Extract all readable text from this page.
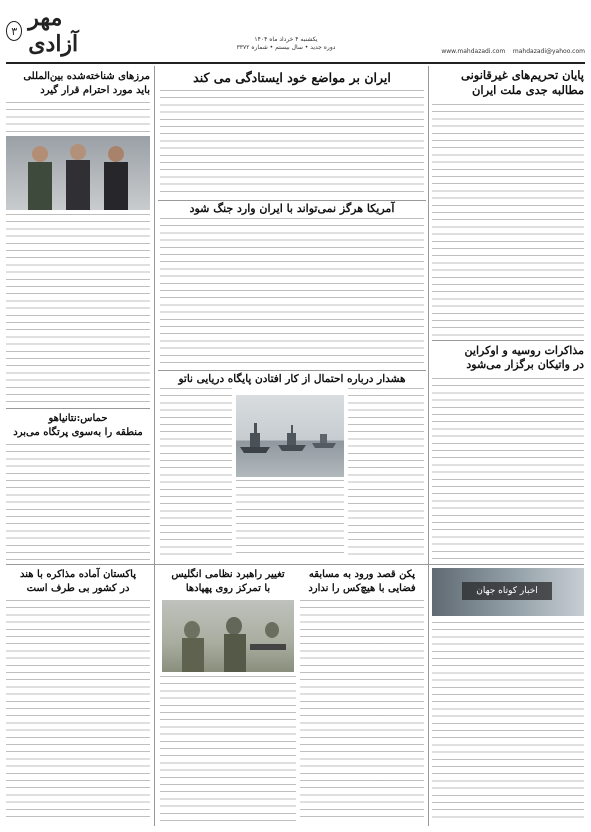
٣ مهر آزادی	یکشنبه ۴ خرداد ماه ۱۴۰۴
دوره جدید • سال بیستم • شماره ۳۳۷۲
www.mahdazadi.com mahdazadi@yahoo.com
پایان تحریم‌های غیرقانونی
مطالبه جدی ملت ایران
مذاکرات روسیه و اوکراین
در واتیکان برگزار می‌شود
اخبار کوتاه جهان
ایران بر مواضع خود ایستادگی می کند
آمریکا هرگز نمی‌تواند با ایران وارد جنگ شود
هشدار درباره احتمال از کار افتادن پایگاه دریایی ناتو
پکن قصد ورود به مسابقه
فضایی با هیچ‌کس را ندارد
تغییر راهبرد نظامی انگلیس
با تمرکز روی پهپادها
مرزهای شناخته‌شده بین‌المللی
باید مورد احترام قرار گیرد
حماس:نتانیاهو
منطقه را به‌سوی پرتگاه می‌برد
پاکستان آماده مذاکره با هند
در کشور بی طرف است
